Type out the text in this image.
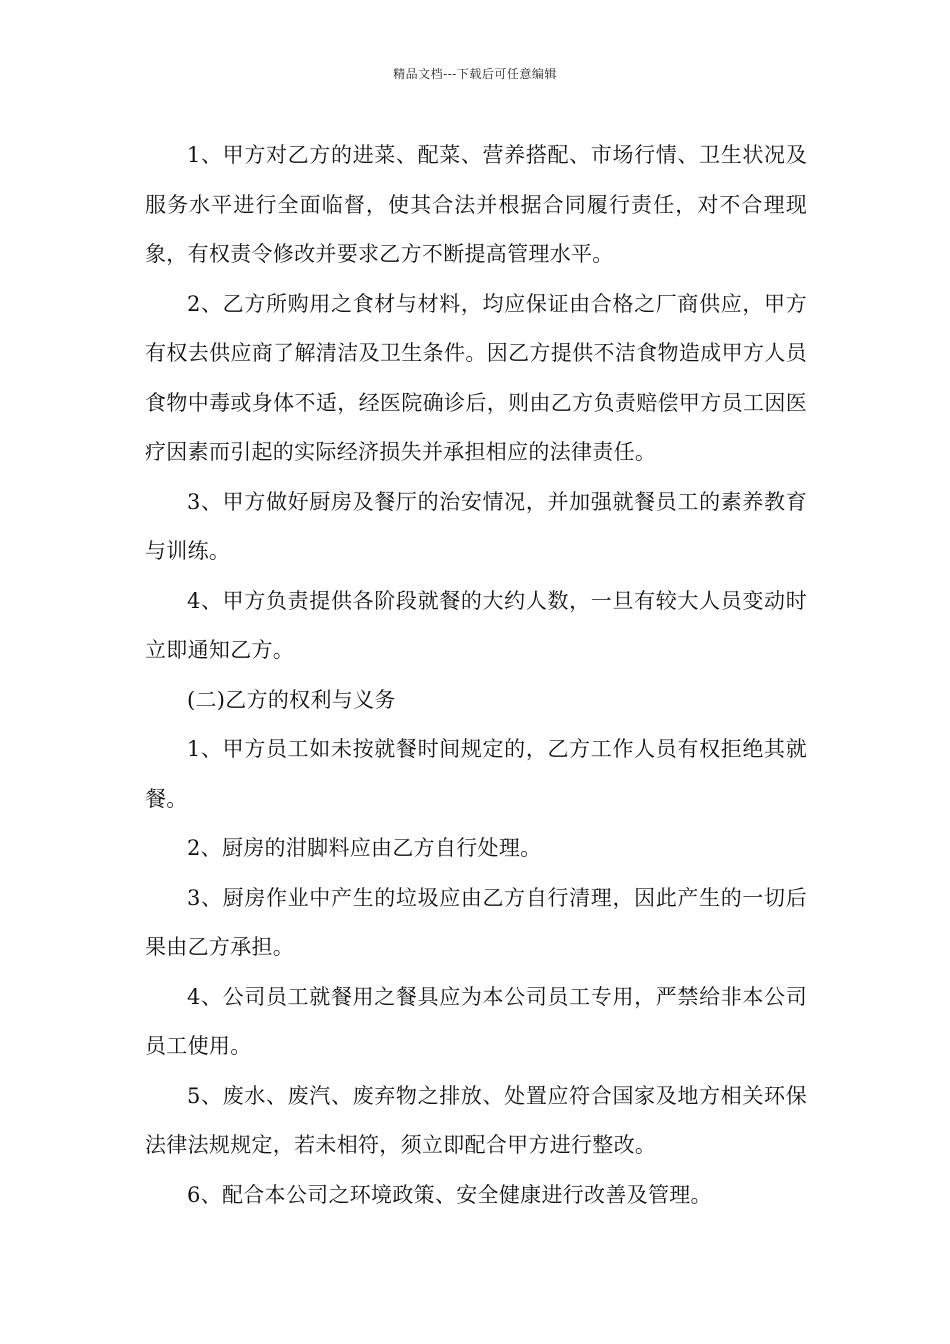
精品文档---下载后可任意编辑

1、甲方对乙方的进菜、配菜、营养搭配、市场行情、卫生状况及服务水平进行全面临督，使其合法并根据合同履行责任，对不合理现象，有权责令修改并要求乙方不断提高管理水平。

2、乙方所购用之食材与材料，均应保证由合格之厂商供应，甲方有权去供应商了解清洁及卫生条件。因乙方提供不洁食物造成甲方人员食物中毒或身体不适，经医院确诊后，则由乙方负责赔偿甲方员工因医疗因素而引起的实际经济损失并承担相应的法律责任。

3、甲方做好厨房及餐厅的治安情况，并加强就餐员工的素养教育与训练。

4、甲方负责提供各阶段就餐的大约人数，一旦有较大人员变动时立即通知乙方。

(二)乙方的权利与义务

1、甲方员工如未按就餐时间规定的，乙方工作人员有权拒绝其就餐。

2、厨房的泔脚料应由乙方自行处理。

3、厨房作业中产生的垃圾应由乙方自行清理，因此产生的一切后果由乙方承担。

4、公司员工就餐用之餐具应为本公司员工专用，严禁给非本公司员工使用。

5、废水、废汽、废弃物之排放、处置应符合国家及地方相关环保法律法规规定，若未相符，须立即配合甲方进行整改。

6、配合本公司之环境政策、安全健康进行改善及管理。
